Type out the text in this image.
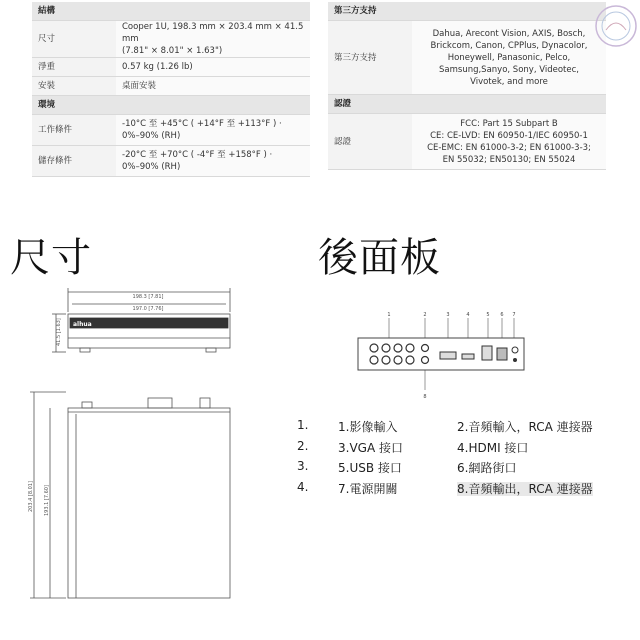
結構	
尺寸	Cooper 1U, 198.3 mm × 203.4 mm × 41.5 mm
(7.81" × 8.01" × 1.63")

淨重	0.57 kg (1.26 lb)

安裝	桌面安裝

環境	
工作條件	-10°C 至 +45°C ( +14°F 至 +113°F ) ·
0%–90% (RH)

儲存條件	-20°C 至 +70°C ( -4°F 至 +158°F ) ·
0%–90% (RH)
第三方支持	
第三方支持	Dahua, Arecont Vision, AXIS, Bosch,
Brickcom, Canon, CPPlus, Dynacolor,
Honeywell, Panasonic, Pelco,
Samsung,Sanyo, Sony, Videotec,
Vivotek, and more

認證	
認證	FCC: Part 15 Subpart B
CE: CE-LVD: EN 60950-1/IEC 60950-1
CE-EMC: EN 61000-3-2; EN 61000-3-3;
EN 55032; EN50130; EN 55024
尺寸	後面板
198.3 [7.81]
197.0 [7.76]
alhua
41.5 [1.63]
203.4 [8.01] 193.1 [7.60]
1	2	3	4	5 6 7
8
1. 1.影像輸入	2.音頻輸入，RCA 連接器
2. 3.VGA 接口	4.HDMI 接口
3. 5.USB 接口	6.網路街口
4. 7.電源開關	8.音頻輸出，RCA 連接器
